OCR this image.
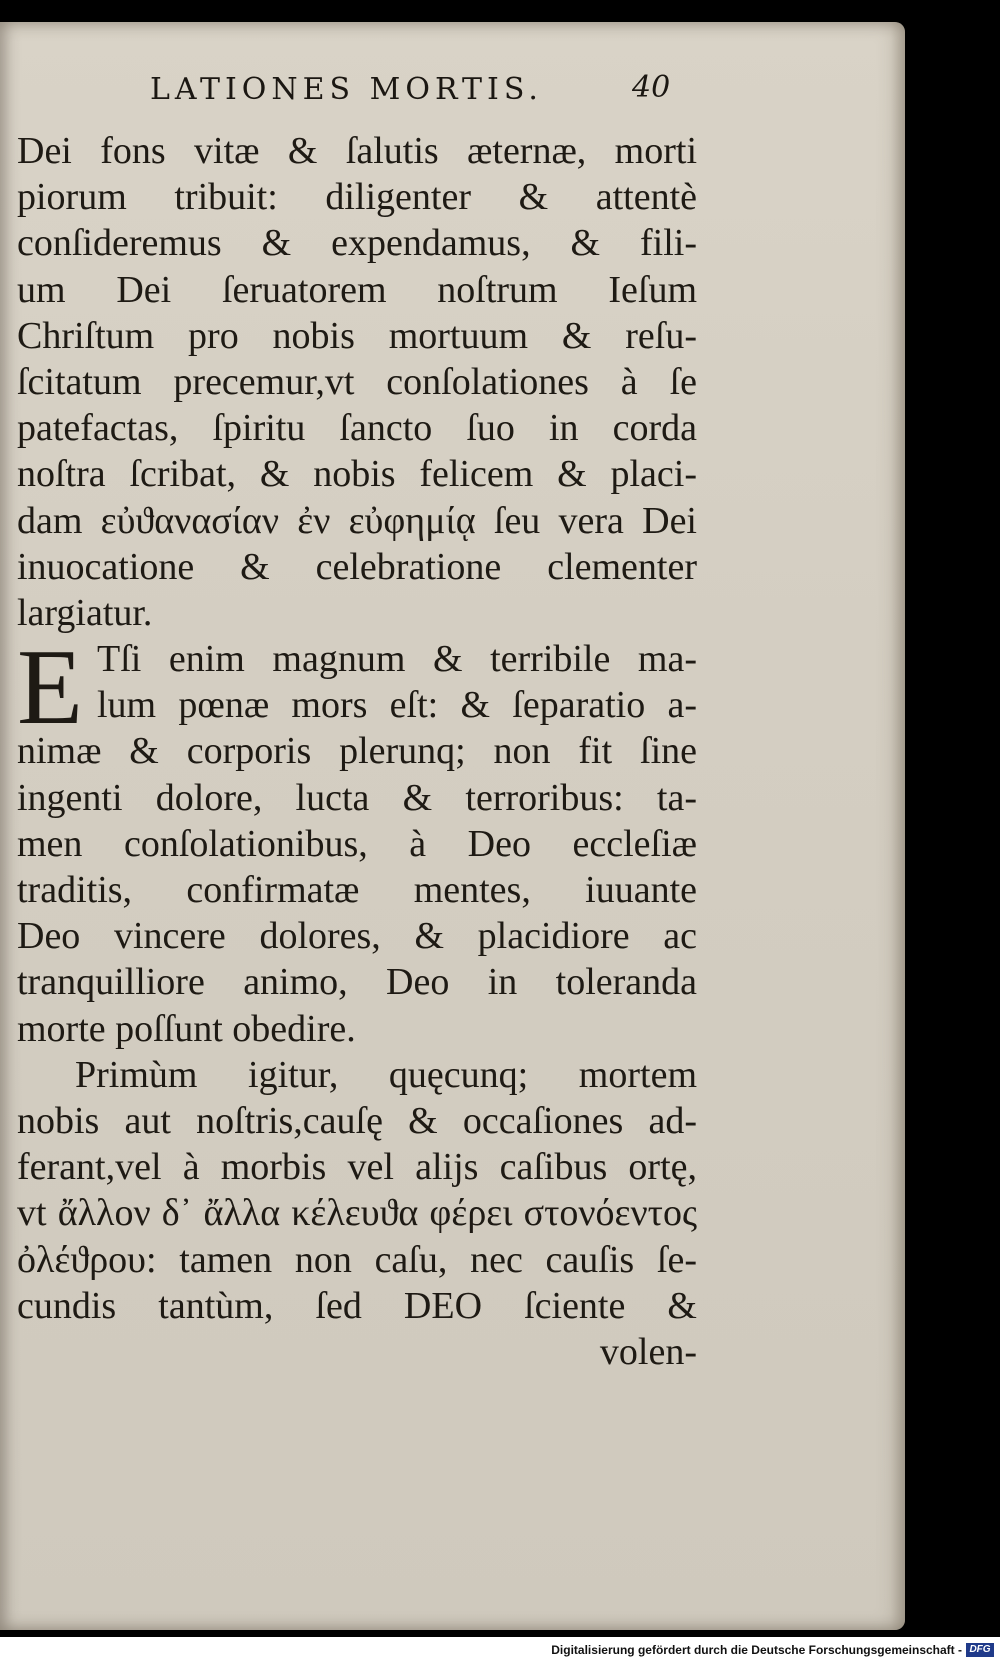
LATIONES MORTIS.	40
Dei fons vitæ & ſalutis æternæ, morti
piorum tribuit: diligenter & attentè
conſideremus & expendamus, & fili-
um Dei ſeruatorem noſtrum Ieſum
Chriſtum pro nobis mortuum & reſu-
ſcitatum precemur,vt conſolationes à ſe
patefactas, ſpiritu ſancto ſuo in corda
noſtra ſcribat, & nobis felicem & placi-
dam εὐϑανασίαν ἐν εὐφημίᾳ ſeu vera Dei
inuocatione & celebratione clementer
largiatur.
Tſi enim magnum & terribile ma-
lum pœnæ mors eſt: & ſeparatio a-
nimæ & corporis plerunq; non fit ſine
ingenti dolore, lucta & terroribus: ta-
men conſolationibus, à Deo eccleſiæ
traditis, confirmatæ mentes, iuuante
Deo vincere dolores, & placidiore ac
tranquilliore animo, Deo in toleranda
morte poſſunt obedire.
Primùm igitur, quęcunq; mortem
nobis aut noſtris,cauſę & occaſiones ad-
ferant,vel à morbis vel alijs caſibus ortę,
vt ἄλλον δ᾽ ἄλλα κέλευϑα φέρει στονόεντος
ὀλέϑρου: tamen non caſu, nec cauſis ſe-
cundis tantùm, ſed DEO ſciente &
volen-
E
Digitalisierung gefördert durch die Deutsche Forschungsgemeinschaft - DFG
